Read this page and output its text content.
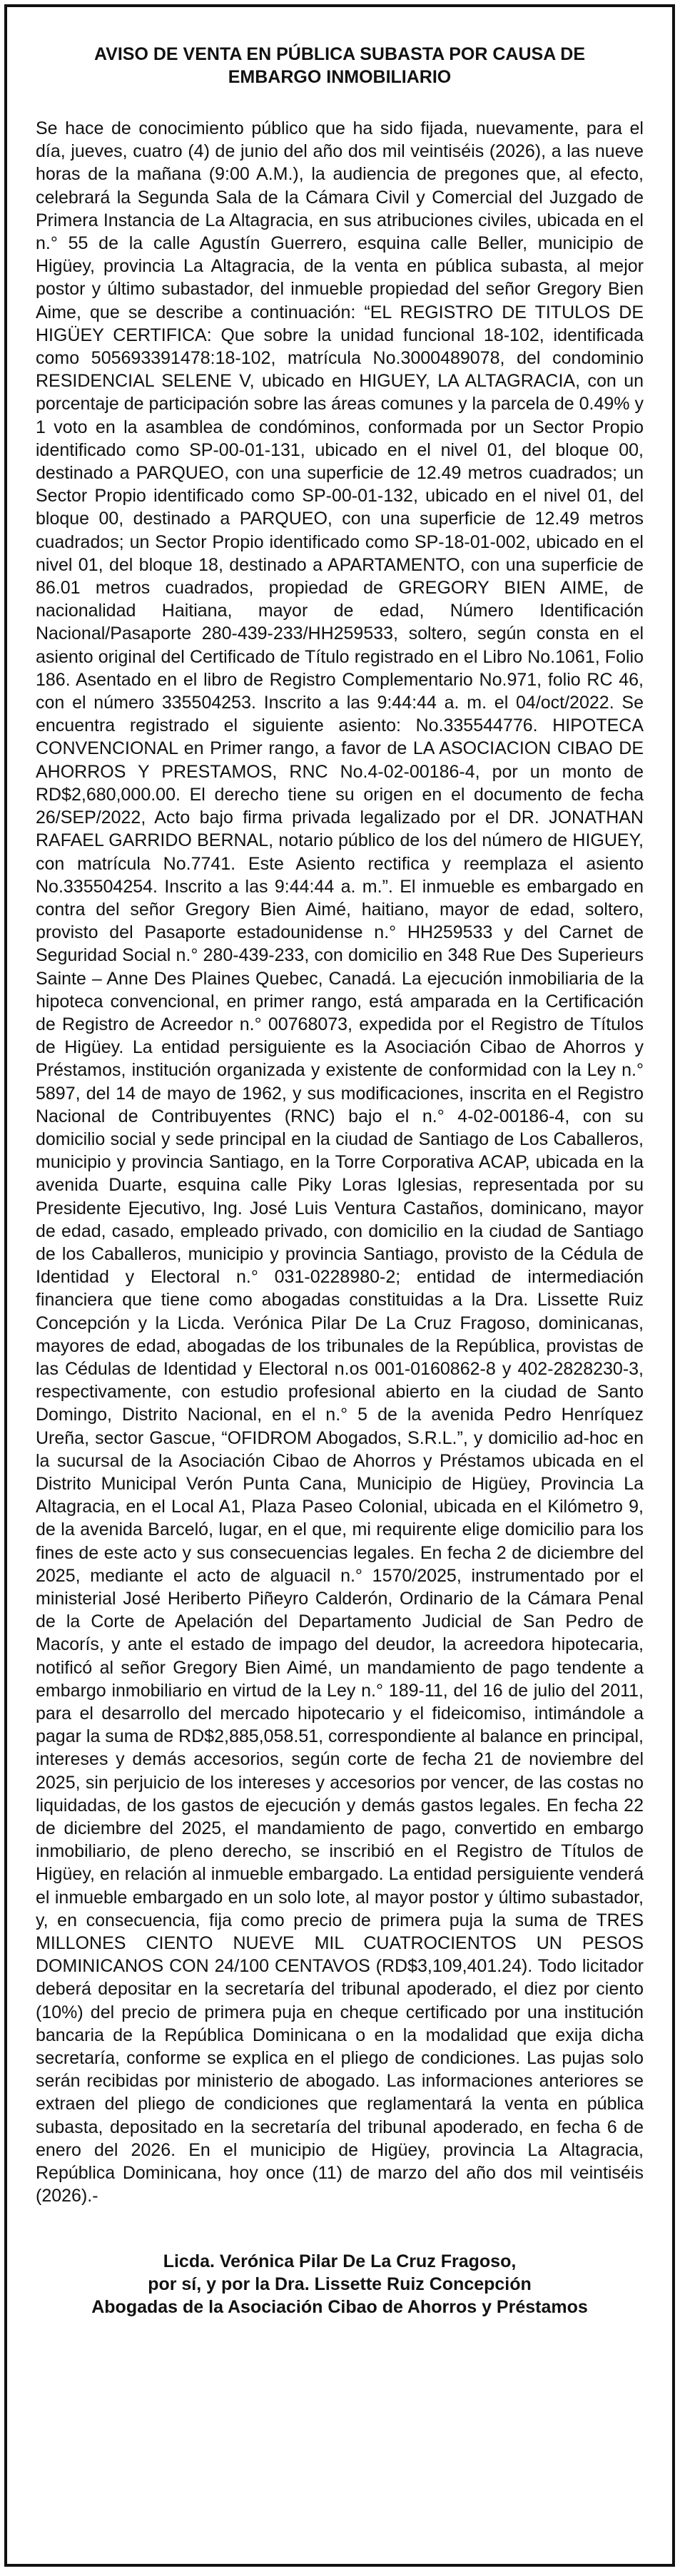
AVISO DE VENTA EN PÚBLICA SUBASTA POR CAUSA DE
EMBARGO INMOBILIARIO

Se hace de conocimiento público que ha sido fijada, nuevamente, para el día, jueves, cuatro (4) de junio del año dos mil veintiséis (2026), a las nueve horas de la mañana (9:00 A.M.), la audiencia de pregones que, al efecto, celebrará la Segunda Sala de la Cámara Civil y Comercial del Juzgado de Primera Instancia de La Altagracia, en sus atribuciones civiles, ubicada en el n.° 55 de la calle Agustín Guerrero, esquina calle Beller, municipio de Higüey, provincia La Altagracia, de la venta en pública subasta, al mejor postor y último subastador, del inmueble propiedad del señor Gregory Bien Aime, que se describe a continuación: “EL REGISTRO DE TITULOS DE HIGÜEY CERTIFICA: Que sobre la unidad funcional 18-102, identificada como 505693391478:18-102, matrícula No.3000489078, del condominio RESIDENCIAL SELENE V, ubicado en HIGUEY, LA ALTAGRACIA, con un porcentaje de participación sobre las áreas comunes y la parcela de 0.49% y 1 voto en la asamblea de condóminos, conformada por un Sector Propio identificado como SP-00-01-131, ubicado en el nivel 01, del bloque 00, destinado a PARQUEO, con una superficie de 12.49 metros cuadrados; un Sector Propio identificado como SP-00-01-132, ubicado en el nivel 01, del bloque 00, destinado a PARQUEO, con una superficie de 12.49 metros cuadrados; un Sector Propio identificado como SP-18-01-002, ubicado en el nivel 01, del bloque 18, destinado a APARTAMENTO, con una superficie de 86.01 metros cuadrados, propiedad de GREGORY BIEN AIME, de nacionalidad Haitiana, mayor de edad, Número Identificación Nacional/Pasaporte 280-439-233/HH259533, soltero, según consta en el asiento original del Certificado de Título registrado en el Libro No.1061, Folio 186. Asentado en el libro de Registro Complementario No.971, folio RC 46, con el número 335504253. Inscrito a las 9:44:44 a. m. el 04/oct/2022. Se encuentra registrado el siguiente asiento: No.335544776. HIPOTECA CONVENCIONAL en Primer rango, a favor de LA ASOCIACION CIBAO DE AHORROS Y PRESTAMOS, RNC No.4-02-00186-4, por un monto de RD$2,680,000.00. El derecho tiene su origen en el documento de fecha 26/SEP/2022, Acto bajo firma privada legalizado por el DR. JONATHAN RAFAEL GARRIDO BERNAL, notario público de los del número de HIGUEY, con matrícula No.7741. Este Asiento rectifica y reemplaza el asiento No.335504254. Inscrito a las 9:44:44 a. m.”. El inmueble es embargado en contra del señor Gregory Bien Aimé, haitiano, mayor de edad, soltero, provisto del Pasaporte estadounidense n.° HH259533 y del Carnet de Seguridad Social n.° 280-439-233, con domicilio en 348 Rue Des Superieurs Sainte – Anne Des Plaines Quebec, Canadá. La ejecución inmobiliaria de la hipoteca convencional, en primer rango, está amparada en la Certificación de Registro de Acreedor n.° 00768073, expedida por el Registro de Títulos de Higüey. La entidad persiguiente es la Asociación Cibao de Ahorros y Préstamos, institución organizada y existente de conformidad con la Ley n.° 5897, del 14 de mayo de 1962, y sus modificaciones, inscrita en el Registro Nacional de Contribuyentes (RNC) bajo el n.° 4-02-00186-4, con su domicilio social y sede principal en la ciudad de Santiago de Los Caballeros, municipio y provincia Santiago, en la Torre Corporativa ACAP, ubicada en la avenida Duarte, esquina calle Piky Loras Iglesias, representada por su Presidente Ejecutivo, Ing. José Luis Ventura Castaños, dominicano, mayor de edad, casado, empleado privado, con domicilio en la ciudad de Santiago de los Caballeros, municipio y provincia Santiago, provisto de la Cédula de Identidad y Electoral n.° 031-0228980-2; entidad de intermediación financiera que tiene como abogadas constituidas a la Dra. Lissette Ruiz Concepción y la Licda. Verónica Pilar De La Cruz Fragoso, dominicanas, mayores de edad, abogadas de los tribunales de la República, provistas de las Cédulas de Identidad y Electoral n.os 001-0160862-8 y 402-2828230-3, respectivamente, con estudio profesional abierto en la ciudad de Santo Domingo, Distrito Nacional, en el n.° 5 de la avenida Pedro Henríquez Ureña, sector Gascue, “OFIDROM Abogados, S.R.L.”, y domicilio ad-hoc en la sucursal de la Asociación Cibao de Ahorros y Préstamos ubicada en el Distrito Municipal Verón Punta Cana, Municipio de Higüey, Provincia La Altagracia, en el Local A1, Plaza Paseo Colonial, ubicada en el Kilómetro 9, de la avenida Barceló, lugar, en el que, mi requirente elige domicilio para los fines de este acto y sus consecuencias legales. En fecha 2 de diciembre del 2025, mediante el acto de alguacil n.° 1570/2025, instrumentado por el ministerial José Heriberto Piñeyro Calderón, Ordinario de la Cámara Penal de la Corte de Apelación del Departamento Judicial de San Pedro de Macorís, y ante el estado de impago del deudor, la acreedora hipotecaria, notificó al señor Gregory Bien Aimé, un mandamiento de pago tendente a embargo inmobiliario en virtud de la Ley n.° 189-11, del 16 de julio del 2011, para el desarrollo del mercado hipotecario y el fideicomiso, intimándole a pagar la suma de RD$2,885,058.51, correspondiente al balance en principal, intereses y demás accesorios, según corte de fecha 21 de noviembre del 2025, sin perjuicio de los intereses y accesorios por vencer, de las costas no liquidadas, de los gastos de ejecución y demás gastos legales. En fecha 22 de diciembre del 2025, el mandamiento de pago, convertido en embargo inmobiliario, de pleno derecho, se inscribió en el Registro de Títulos de Higüey, en relación al inmueble embargado. La entidad persiguiente venderá el inmueble embargado en un solo lote, al mayor postor y último subastador, y, en consecuencia, fija como precio de primera puja la suma de TRES MILLONES CIENTO NUEVE MIL CUATROCIENTOS UN PESOS DOMINICANOS CON 24/100 CENTAVOS (RD$3,109,401.24). Todo licitador deberá depositar en la secretaría del tribunal apoderado, el diez por ciento (10%) del precio de primera puja en cheque certificado por una institución bancaria de la República Dominicana o en la modalidad que exija dicha secretaría, conforme se explica en el pliego de condiciones. Las pujas solo serán recibidas por ministerio de abogado. Las informaciones anteriores se extraen del pliego de condiciones que reglamentará la venta en pública subasta, depositado en la secretaría del tribunal apoderado, en fecha 6 de enero del 2026. En el municipio de Higüey, provincia La Altagracia, República Dominicana, hoy once (11) de marzo del año dos mil veintiséis (2026).-

Licda. Verónica Pilar De La Cruz Fragoso,
por sí, y por la Dra. Lissette Ruiz Concepción
Abogadas de la Asociación Cibao de Ahorros y Préstamos
